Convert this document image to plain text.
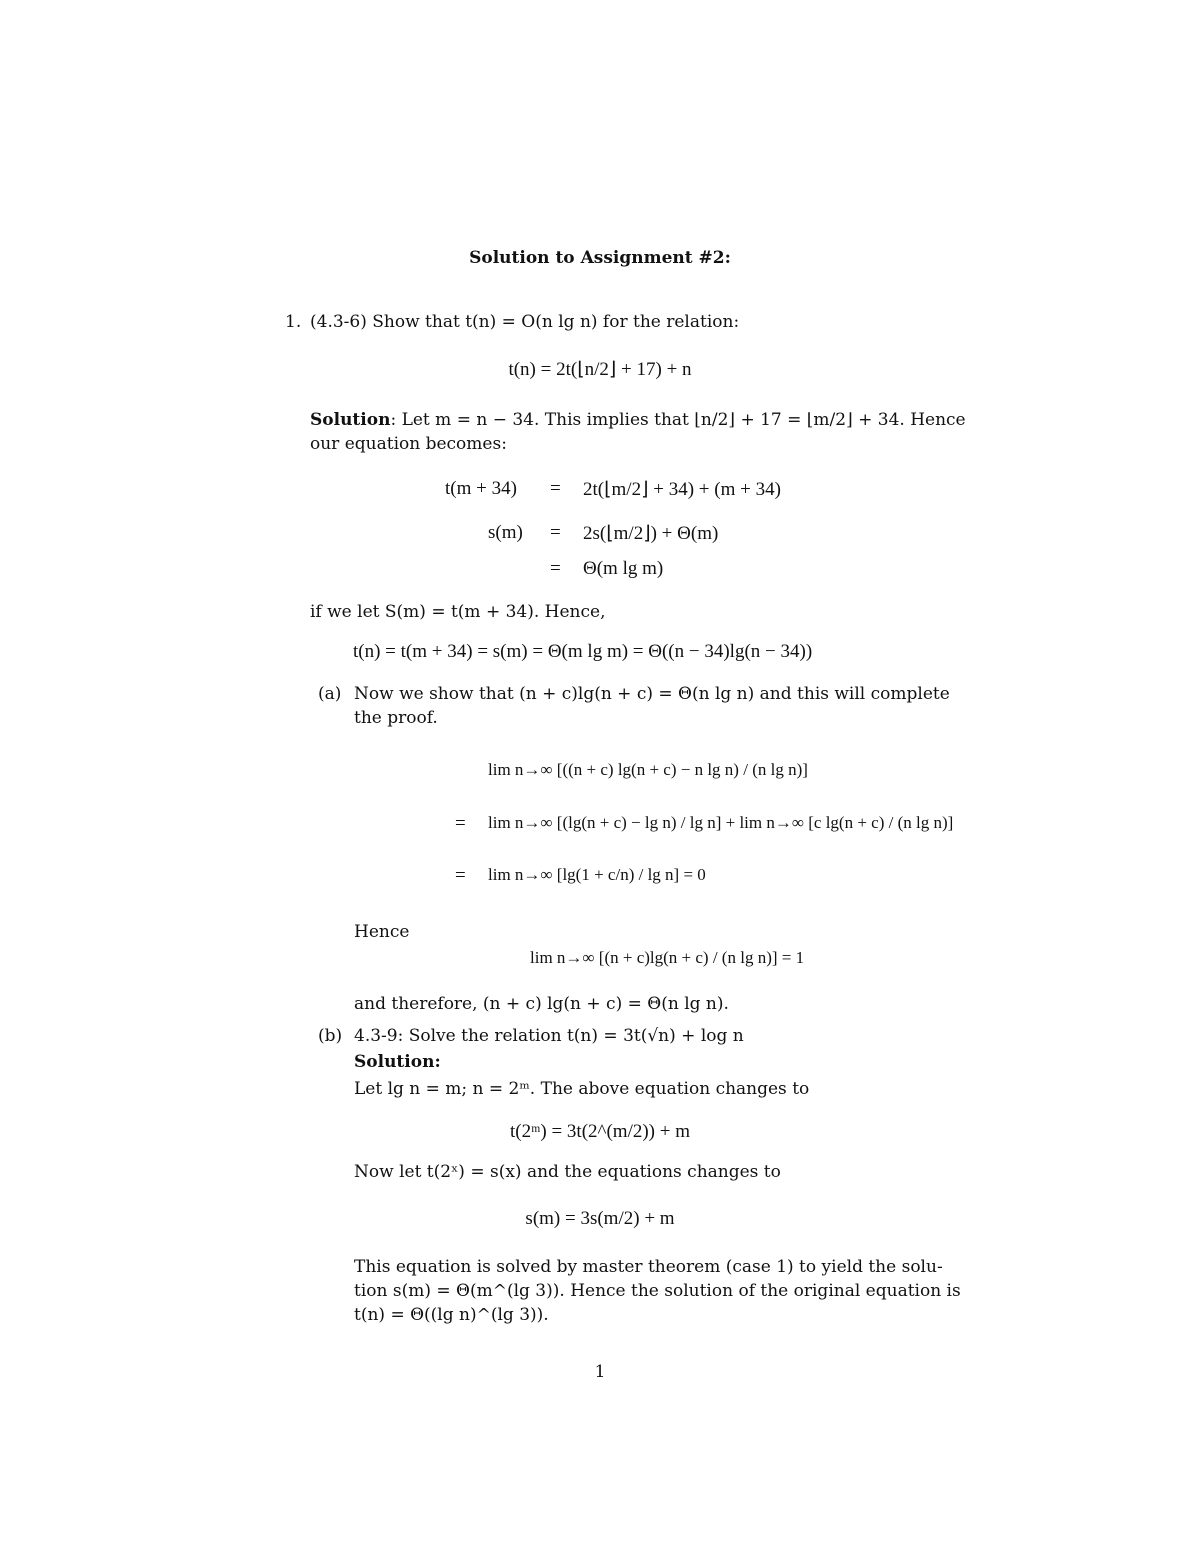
Solution to Assignment #2:
1. (4.3-6) Show that t(n) = O(n lg n) for the relation:
t(n) = 2t(⌊n/2⌋ + 17) + n
Solution: Let m = n − 34. This implies that ⌊n/2⌋ + 17 = ⌊m/2⌋ + 34. Hence
our equation becomes:
t(m + 34) = 2t(⌊m/2⌋ + 34) + (m + 34)
s(m) = 2s(⌊m/2⌋) + Θ(m)
= Θ(m lg m)
if we let S(m) = t(m + 34). Hence,
t(n) = t(m + 34) = s(m) = Θ(m lg m) = Θ((n − 34)lg(n − 34))
(a) Now we show that (n + c)lg(n + c) = Θ(n lg n) and this will complete
the proof.
=
=
lim n→∞ [((n + c) lg(n + c) − n lg n) / (n lg n)]
lim n→∞ [(lg(n + c) − lg n) / lg n] + lim n→∞ [c lg(n + c) / (n lg n)]
lim n→∞ [lg(1 + c/n) / lg n] = 0
Hence
lim n→∞ [(n + c)lg(n + c) / (n lg n)] = 1
and therefore, (n + c) lg(n + c) = Θ(n lg n).
(b) 4.3-9: Solve the relation t(n) = 3t(√n) + log n
Solution:
Let lg n = m; n = 2ᵐ. The above equation changes to
t(2ᵐ) = 3t(2^(m/2)) + m
Now let t(2ˣ) = s(x) and the equations changes to
s(m) = 3s(m/2) + m
This equation is solved by master theorem (case 1) to yield the solu-
tion s(m) = Θ(m^(lg 3)). Hence the solution of the original equation is
t(n) = Θ((lg n)^(lg 3)).
1
